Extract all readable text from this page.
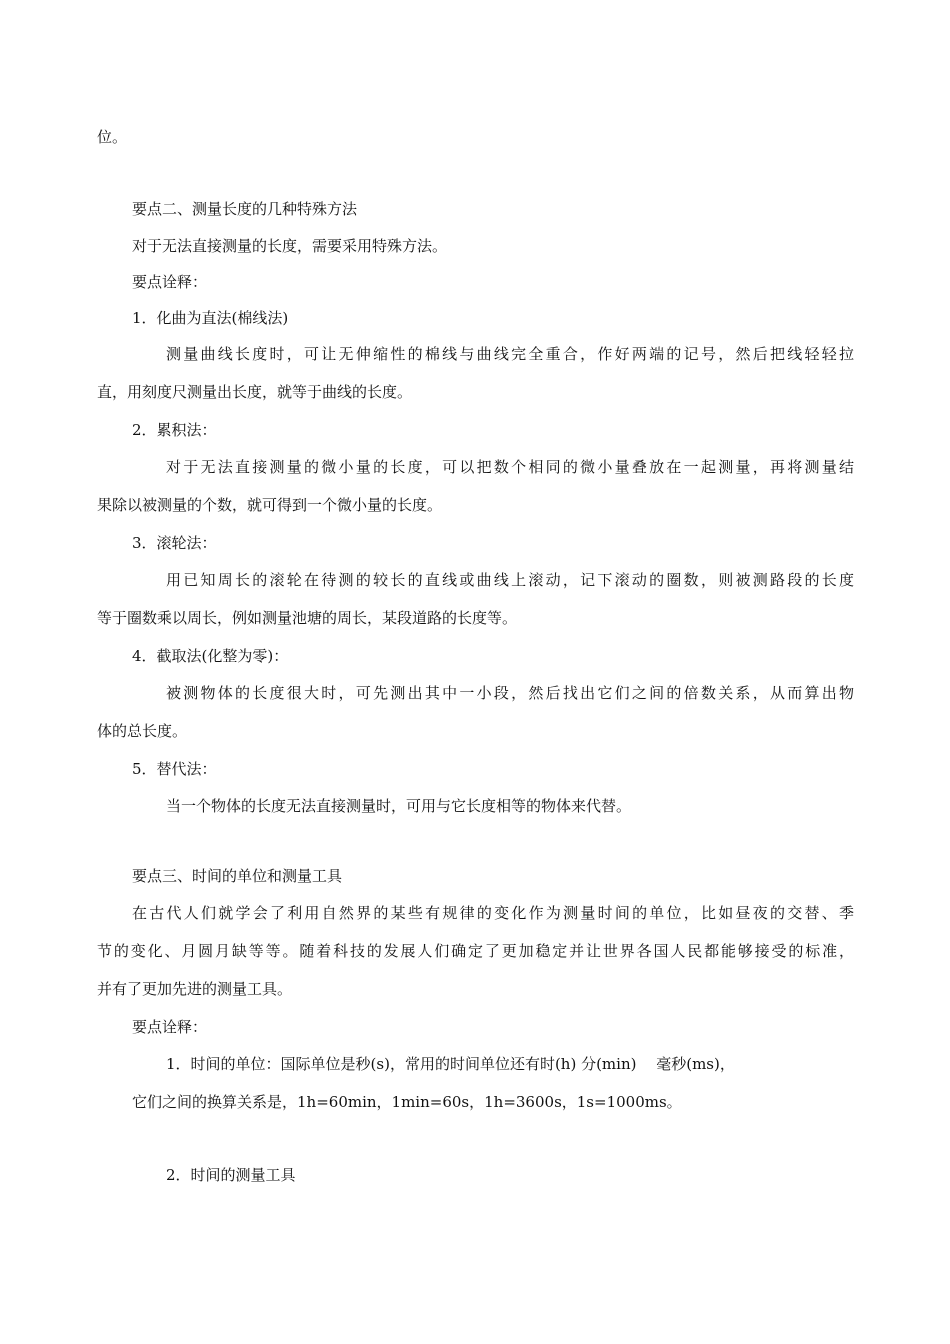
位。
要点二、测量长度的几种特殊方法
对于无法直接测量的长度，需要采用特殊方法。
要点诠释：
1．化曲为直法(棉线法)
测量曲线长度时，可让无伸缩性的棉线与曲线完全重合，作好两端的记号，然后把线轻轻拉
直，用刻度尺测量出长度，就等于曲线的长度。
2．累积法：
对于无法直接测量的微小量的长度，可以把数个相同的微小量叠放在一起测量，再将测量结
果除以被测量的个数，就可得到一个微小量的长度。
3．滚轮法：
用已知周长的滚轮在待测的较长的直线或曲线上滚动，记下滚动的圈数，则被测路段的长度
等于圈数乘以周长，例如测量池塘的周长，某段道路的长度等。
4．截取法(化整为零)：
被测物体的长度很大时，可先测出其中一小段，然后找出它们之间的倍数关系，从而算出物
体的总长度。
5．替代法：
当一个物体的长度无法直接测量时，可用与它长度相等的物体来代替。
要点三、时间的单位和测量工具
在古代人们就学会了利用自然界的某些有规律的变化作为测量时间的单位，比如昼夜的交替、季
节的变化、月圆月缺等等。随着科技的发展人们确定了更加稳定并让世界各国人民都能够接受的标准，
并有了更加先进的测量工具。
要点诠释：
1．时间的单位：国际单位是秒(s)，常用的时间单位还有时(h) 分(min)　 毫秒(ms)，
它们之间的换算关系是，1h=60min，1min=60s，1h=3600s，1s=1000ms。
2．时间的测量工具
